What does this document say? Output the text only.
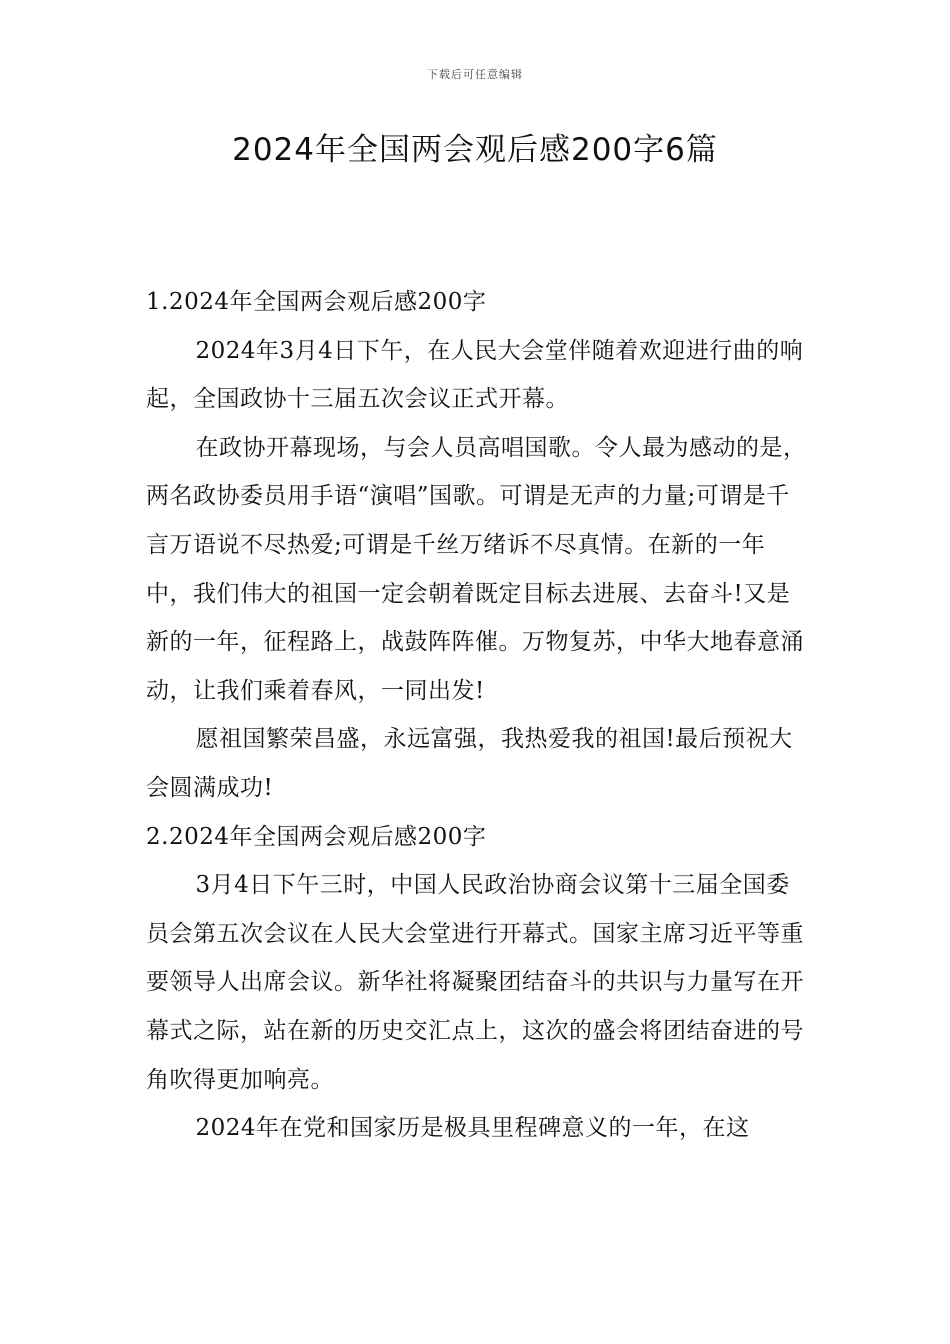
下载后可任意编辑
2024年全国两会观后感200字6篇

1.2024年全国两会观后感200字

2024年3月4日下午，在人民大会堂伴随着欢迎进行曲的响起，全国政协十三届五次会议正式开幕。

在政协开幕现场，与会人员高唱国歌。令人最为感动的是，两名政协委员用手语“演唱”国歌。可谓是无声的力量;可谓是千言万语说不尽热爱;可谓是千丝万绪诉不尽真情。在新的一年中，我们伟大的祖国一定会朝着既定目标去进展、去奋斗!又是新的一年，征程路上，战鼓阵阵催。万物复苏，中华大地春意涌动，让我们乘着春风，一同出发!

愿祖国繁荣昌盛，永远富强，我热爱我的祖国!最后预祝大会圆满成功!

2.2024年全国两会观后感200字

3月4日下午三时，中国人民政治协商会议第十三届全国委员会第五次会议在人民大会堂进行开幕式。国家主席习近平等重要领导人出席会议。新华社将凝聚团结奋斗的共识与力量写在开幕式之际，站在新的历史交汇点上，这次的盛会将团结奋进的号角吹得更加响亮。

2024年在党和国家历是极具里程碑意义的一年，在这
